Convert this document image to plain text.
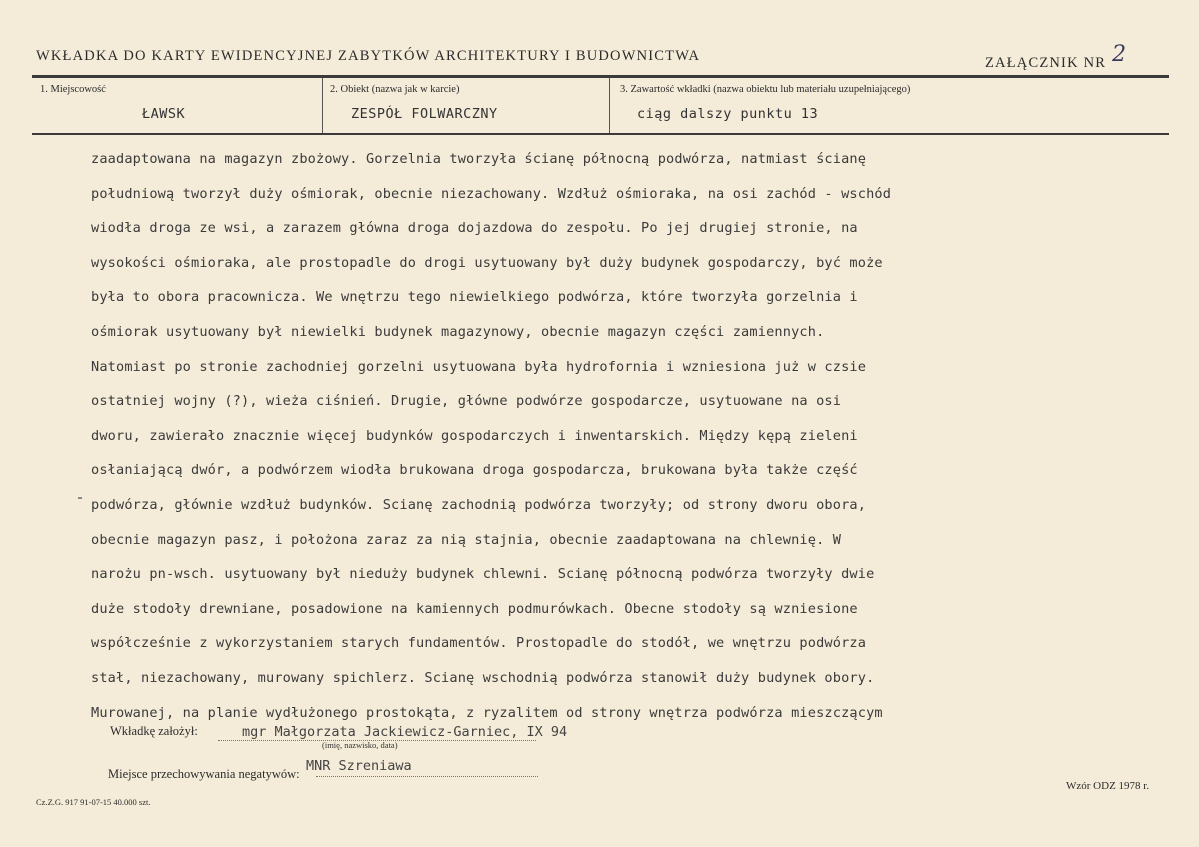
WKŁADKA DO KARTY EWIDENCYJNEJ ZABYTKÓW ARCHITEKTURY I BUDOWNICTWA	ZAŁĄCZNIK NR 2
1. Miejscowość
ŁAWSK
2. Obiekt (nazwa jak w karcie)
ZESPÓŁ FOLWARCZNY
3. Zawartość wkładki (nazwa obiektu lub materiału uzupełniającego)
ciąg dalszy punktu 13
zaadaptowana na magazyn zbożowy. Gorzelnia tworzyła ścianę północną podwórza, natmiast ścianę
południową tworzył duży ośmiorak, obecnie niezachowany. Wzdłuż ośmioraka, na osi zachód - wschód
wiodła droga ze wsi, a zarazem główna droga dojazdowa do zespołu. Po jej drugiej stronie, na
wysokości ośmioraka, ale prostopadle do drogi usytuowany był duży budynek gospodarczy, być może
była to obora pracownicza. We wnętrzu tego niewielkiego podwórza, które tworzyła gorzelnia i
ośmiorak usytuowany był niewielki budynek magazynowy, obecnie magazyn części zamiennych.
Natomiast po stronie zachodniej gorzelni usytuowana była hydrofornia i wzniesiona już w czsie
ostatniej wojny (?), wieża ciśnień. Drugie, główne podwórze gospodarcze, usytuowane na osi
dworu, zawierało znacznie więcej budynków gospodarczych i inwentarskich. Między kępą zieleni
osłaniającą dwór, a podwórzem wiodła brukowana droga gospodarcza, brukowana była także część
podwórza, głównie wzdłuż budynków. Scianę zachodnią podwórza tworzyły; od strony dworu obora,
obecnie magazyn pasz, i położona zaraz za nią stajnia, obecnie zaadaptowana na chlewnię. W
narożu pn-wsch. usytuowany był nieduży budynek chlewni. Scianę północną podwórza tworzyły dwie
duże stodoły drewniane, posadowione na kamiennych podmurówkach. Obecne stodoły są wzniesione
współcześnie z wykorzystaniem starych fundamentów. Prostopadle do stodół, we wnętrzu podwórza
stał, niezachowany, murowany spichlerz. Scianę wschodnią podwórza stanowił duży budynek obory.
Murowanej, na planie wydłużonego prostokąta, z ryzalitem od strony wnętrza podwórza mieszczącym
Wkładkę założył:	mgr Małgorzata Jackiewicz-Garniec, IX 94
(imię, nazwisko, data)
Miejsce przechowywania negatywów: MNR Szreniawa
Cz.Z.G. 917 91-07-15 40.000 szt.
Wzór ODZ 1978 r.
